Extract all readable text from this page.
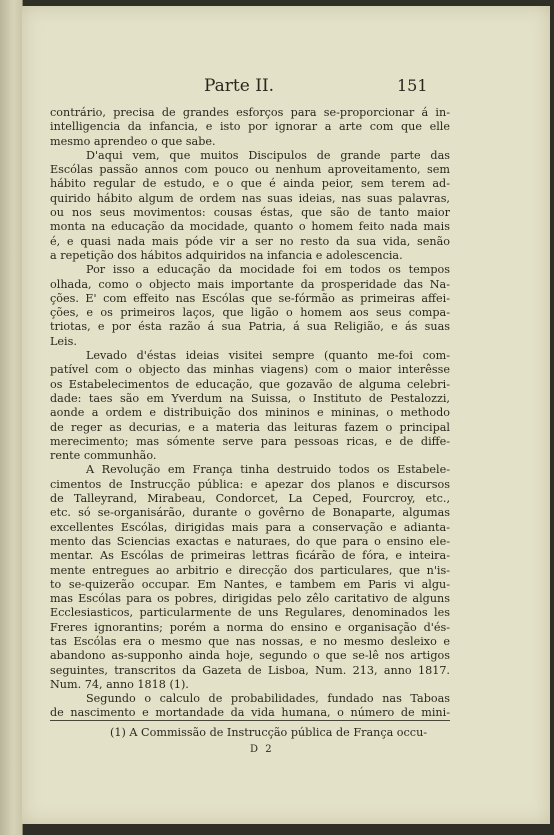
Parte II.	151
contrário, precisa de grandes esforços para se-proporcionar á in-
intelligencia da infancia, e isto por ignorar a arte com que elle
mesmo aprendeo o que sabe.
D'aqui vem, que muitos Discipulos de grande parte das
Escólas passão annos com pouco ou nenhum aproveitamento, sem
hábito regular de estudo, e o que é ainda peior, sem terem ad-
quirido hábito algum de ordem nas suas ideias, nas suas palavras,
ou nos seus movimentos: cousas éstas, que são de tanto maior
monta na educação da mocidade, quanto o homem feito nada mais
é, e quasi nada mais póde vir a ser no resto da sua vida, senão
a repetição dos hábitos adquiridos na infancia e adolescencia.
Por isso a educação da mocidade foi em todos os tempos
olhada, como o objecto mais importante da prosperidade das Na-
ções. E' com effeito nas Escólas que se-fórmão as primeiras affei-
ções, e os primeiros laços, que ligão o homem aos seus compa-
triotas, e por ésta razão á sua Patria, á sua Religião, e ás suas
Leis.
Levado d'éstas ideias visitei sempre (quanto me-foi com-
patível com o objecto das minhas viagens) com o maior interêsse
os Estabelecimentos de educação, que gozavão de alguma celebri-
dade: taes são em Yverdum na Suissa, o Instituto de Pestalozzi,
aonde a ordem e distribuição dos mininos e mininas, o methodo
de reger as decurias, e a materia das leituras fazem o principal
merecimento; mas sómente serve para pessoas ricas, e de diffe-
rente communhão.
A Revolução em França tinha destruido todos os Estabele-
cimentos de Instrucção pública: e apezar dos planos e discursos
de Talleyrand, Mirabeau, Condorcet, La Ceped, Fourcroy, etc.,
etc. só se-organisárão, durante o govêrno de Bonaparte, algumas
excellentes Escólas, dirigidas mais para a conservação e adianta-
mento das Sciencias exactas e naturaes, do que para o ensino ele-
mentar. As Escólas de primeiras lettras ficárão de fóra, e inteira-
mente entregues ao arbitrio e direcção dos particulares, que n'is-
to se-quizerão occupar. Em Nantes, e tambem em Paris vi algu-
mas Escólas para os pobres, dirigidas pelo zêlo caritativo de alguns
Ecclesiasticos, particularmente de uns Regulares, denominados les
Freres ignorantins; porém a norma do ensino e organisação d'és-
tas Escólas era o mesmo que nas nossas, e no mesmo desleixo e
abandono as-supponho ainda hoje, segundo o que se-lê nos artigos
seguintes, transcritos da Gazeta de Lisboa, Num. 213, anno 1817.
Num. 74, anno 1818 (1).
Segundo o calculo de probabilidades, fundado nas Taboas
de nascimento e mortandade da vida humana, o número de mini-
(1) A Commissão de Instrucção pública de França occu-
D 2
